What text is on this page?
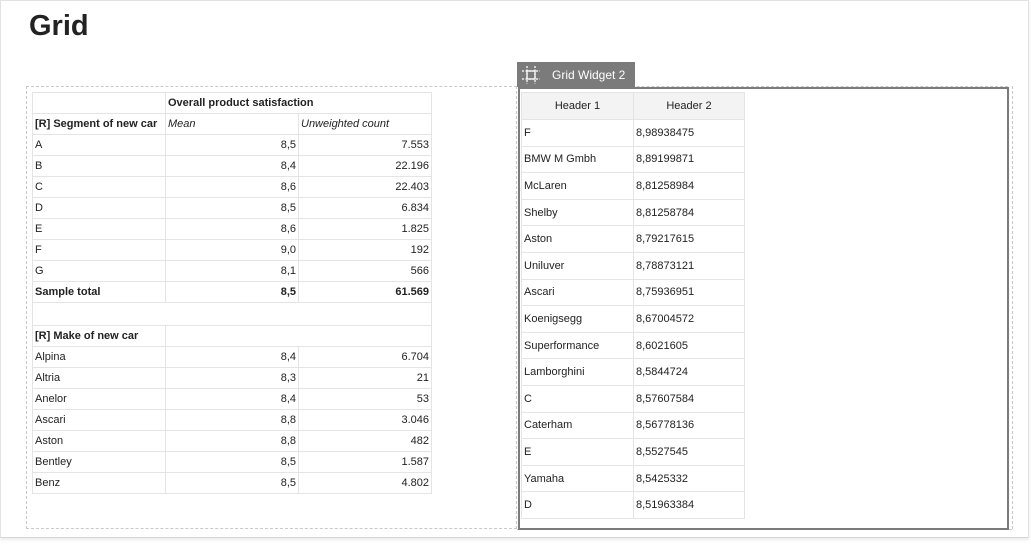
Grid
	Overall product satisfaction	
[R] Segment of new car	Mean	Unweighted count
A	8,5	7.553
B	8,4	22.196
C	8,6	22.403
D	8,5	6.834
E	8,6	1.825
F	9,0	192
G	8,1	566
Sample total	8,5	61.569

[R] Make of new car		
Alpina	8,4	6.704
Altria	8,3	21
Anelor	8,4	53
Ascari	8,8	3.046
Aston	8,8	482
Bentley	8,5	1.587
Benz	8,5	4.802
Grid Widget 2
Header 1	Header 2
F	8,98938475
BMW M Gmbh	8,89199871
McLaren	8,81258984
Shelby	8,81258784
Aston	8,79217615
Uniluver	8,78873121
Ascari	8,75936951
Koenigsegg	8,67004572
Superformance	8,6021605
Lamborghini	8,5844724
C	8,57607584
Caterham	8,56778136
E	8,5527545
Yamaha	8,5425332
D	8,51963384
